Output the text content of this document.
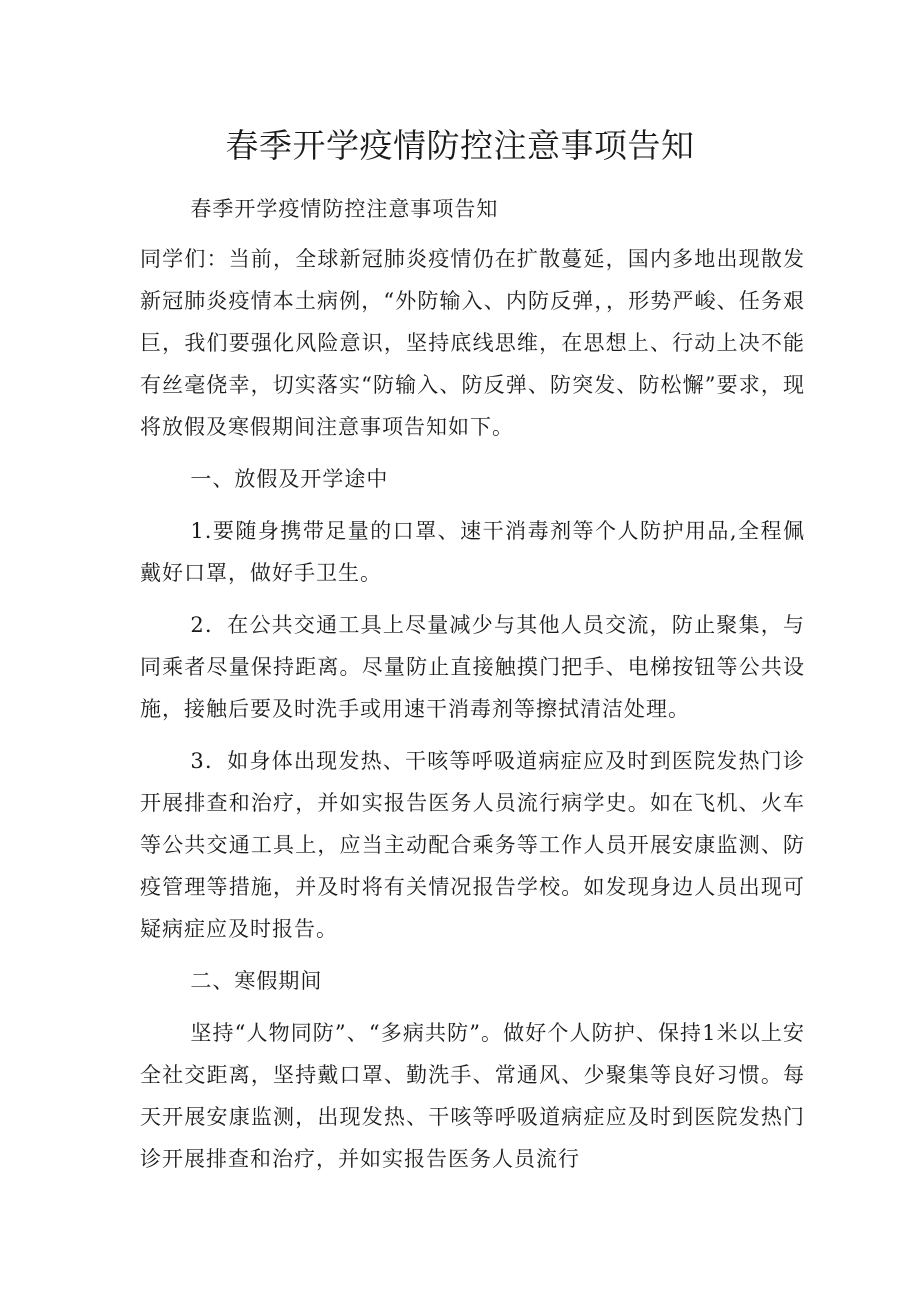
春季开学疫情防控注意事项告知

春季开学疫情防控注意事项告知

同学们：当前，全球新冠肺炎疫情仍在扩散蔓延，国内多地出现散发新冠肺炎疫情本土病例，“外防输入、内防反弹，，形势严峻、任务艰巨，我们要强化风险意识，坚持底线思维，在思想上、行动上决不能有丝毫侥幸，切实落实“防输入、防反弹、防突发、防松懈”要求，现将放假及寒假期间注意事项告知如下。

一、放假及开学途中

1.要随身携带足量的口罩、速干消毒剂等个人防护用品,全程佩戴好口罩，做好手卫生。

2．在公共交通工具上尽量减少与其他人员交流，防止聚集，与同乘者尽量保持距离。尽量防止直接触摸门把手、电梯按钮等公共设施，接触后要及时洗手或用速干消毒剂等擦拭清洁处理。

3．如身体出现发热、干咳等呼吸道病症应及时到医院发热门诊开展排查和治疗，并如实报告医务人员流行病学史。如在飞机、火车等公共交通工具上，应当主动配合乘务等工作人员开展安康监测、防疫管理等措施，并及时将有关情况报告学校。如发现身边人员出现可疑病症应及时报告。

二、寒假期间

坚持“人物同防”、“多病共防”。做好个人防护、保持1米以上安全社交距离，坚持戴口罩、勤洗手、常通风、少聚集等良好习惯。每天开展安康监测，出现发热、干咳等呼吸道病症应及时到医院发热门诊开展排查和治疗，并如实报告医务人员流行
